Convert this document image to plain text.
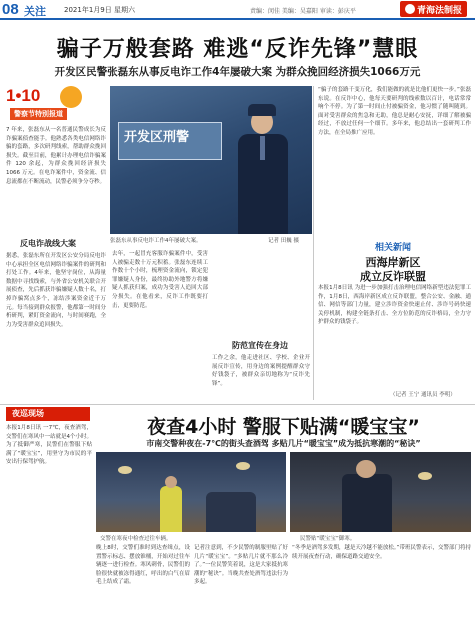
08 关注	2021年1月9日 星期六	责编：闵佳 美编：吴嘉阳 审读：彭庆平	青海法制报
骗子万般套路 难逃“反诈先锋”慧眼
开发区民警张磊东从事反电诈工作4年屡破大案 为群众挽回经济损失1066万元
1•10
警察节特别报道
7 年来，张磊东从一名普通民警成长为反诈骗案侦查能手。他熟悉各类电信网络诈骗的套路，多次研判线索，帮助群众挽回损失。截至目前，他累计办理电信诈骗案件 120 余起，为群众挽回经济损失 1066 万元。在电诈案件中，资金流、信息流都在不断流动，民警必须争分夺秒。
开发区刑警
张磊东从事反电诈工作4年屡破大案。	记者 田巍 摄
“骗子的套路千变万化，我们能做的就是比他们更快一步。”张磊东说。在反诈中心，他每天要研判的线索数以百计，电话常常响个不停。为了第一时间止付被骗资金，他习惯了随叫随到。面对受害群众的焦急和无助，他总是耐心安抚，详细了解被骗经过，不放过任何一个细节。多年来，他总结出一套研判工作方法，在全局推广应用。
反电诈战线大案
据悉，张磊东所在开发区公安分局反电诈中心承担全区电信网络诈骗案件的研判和打处工作。4年来，他坚守岗位，从海量数据中寻找线索，与外省公安机关联合开展侦查，先后抓获诈骗嫌疑人数十名，打掉诈骗窝点多个，冻结涉案资金近千万元。每当接到群众报警，他都第一时间分析研判，紧盯资金流向，与时间赛跑，全力为受害群众追回损失。
去年，一起冒充客服诈骗案件中，受害人被骗走数十万元积蓄。张磊东连续工作数十个小时，梳理资金流向，锁定犯罪嫌疑人身份，最终协助外地警方将嫌疑人抓获归案，成功为受害人追回大部分损失。在他看来，反诈工作既要打击，更要防范。
防范宣传在身边
工作之余，他走进社区、学校、企业开展反诈宣传，用身边的案例提醒群众守好钱袋子，被群众亲切地称为“反诈先锋”。
相关新闻
西海岸新区
成立反诈联盟
本报1月8日讯 为进一步加强打击治理电信网络新型违法犯罪工作，1月8日，西海岸新区成立反诈联盟，整合公安、金融、通信、网信等部门力量，建立涉诈资金快速止付、涉诈号码快速关停机制，构建全链条打击、全方位防范的反诈格局，全力守护群众的钱袋子。
（记者 王宁 通讯员 李明）
夜巡现场
本报1月8日讯 一7℃，夜查酒驾，交警们在寒风中一站就是4个小时。为了抵御严寒，民警们在警服下贴满了“暖宝宝”，用坚守为市民的平安出行保驾护航。
夜查4小时 警服下贴满“暖宝宝”
市南交警种夜在-7℃的街头查酒驾 多贴几片“暖宝宝”成为抵抗寒潮的“秘诀”
交警在寒夜中检查过往车辆。	民警贴“暖宝宝”御寒。
晚上8时，交警们准时到达查缉点，设置警示标志、摆放锥桶，开始对过往车辆逐一进行检查。寒风刺骨，民警们的脸很快就被冻得通红，呼出的白气在眉毛上结成了霜。
记者注意到，不少民警的制服里贴了好几片“暖宝宝”。“多贴几片就不那么冷了。”一位民警笑着说，这是大家抵抗寒潮的“秘诀”。当晚共查处酒驾违法行为多起。
“冬季是酒驾多发期，越是天冷越不能放松。”带班民警表示，交警部门将持续开展夜查行动，确保道路交通安全。
